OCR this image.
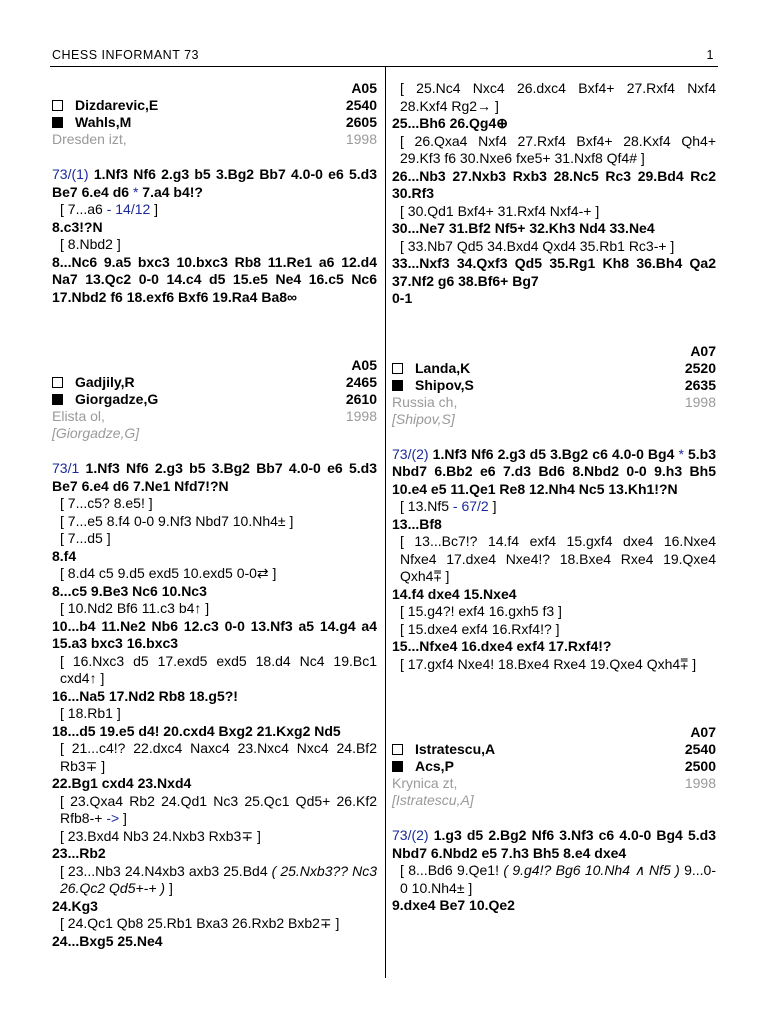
CHESS INFORMANT 73	1
A05
Dizdarevic,E	2540
Wahls,M	2605
Dresden izt,	1998
73/(1) 1.Nf3 Nf6 2.g3 b5 3.Bg2 Bb7 4.0-0 e6 5.d3 Be7 6.e4 d6 * 7.a4 b4!?
[ 7...a6 - 14/12 ]
8.c3!?N
[ 8.Nbd2 ]
8...Nc6 9.a5 bxc3 10.bxc3 Rb8 11.Re1 a6 12.d4 Na7 13.Qc2 0-0 14.c4 d5 15.e5 Ne4 16.c5 Nc6 17.Nbd2 f6 18.exf6 Bxf6 19.Ra4 Ba8∞
A05
Gadjily,R	2465
Giorgadze,G	2610
Elista ol,	1998
[Giorgadze,G]
73/1 1.Nf3 Nf6 2.g3 b5 3.Bg2 Bb7 4.0-0 e6 5.d3 Be7 6.e4 d6 7.Ne1 Nfd7!?N
[ 7...c5? 8.e5! ]
[ 7...e5 8.f4 0-0 9.Nf3 Nbd7 10.Nh4± ]
[ 7...d5 ]
8.f4
[ 8.d4 c5 9.d5 exd5 10.exd5 0-0⇄ ]
8...c5 9.Be3 Nc6 10.Nc3
[ 10.Nd2 Bf6 11.c3 b4↑ ]
10...b4 11.Ne2 Nb6 12.c3 0-0 13.Nf3 a5 14.g4 a4 15.a3 bxc3 16.bxc3
[ 16.Nxc3 d5 17.exd5 exd5 18.d4 Nc4 19.Bc1 cxd4↑ ]
16...Na5 17.Nd2 Rb8 18.g5?!
[ 18.Rb1 ]
18...d5 19.e5 d4! 20.cxd4 Bxg2 21.Kxg2 Nd5
[ 21...c4!? 22.dxc4 Naxc4 23.Nxc4 Nxc4 24.Bf2 Rb3∓ ]
22.Bg1 cxd4 23.Nxd4
[ 23.Qxa4 Rb2 24.Qd1 Nc3 25.Qc1 Qd5+ 26.Kf2 Rfb8-+ -> ]
[ 23.Bxd4 Nb3 24.Nxb3 Rxb3∓ ]
23...Rb2
[ 23...Nb3 24.N4xb3 axb3 25.Bd4 ( 25.Nxb3?? Nc3 26.Qc2 Qd5+-+ ) ]
24.Kg3
[ 24.Qc1 Qb8 25.Rb1 Bxa3 26.Rxb2 Bxb2∓ ]
24...Bxg5 25.Ne4
[ 25.Nc4 Nxc4 26.dxc4 Bxf4+ 27.Rxf4 Nxf4 28.Kxf4 Rg2→ ]
25...Bh6 26.Qg4⊕
[ 26.Qxa4 Nxf4 27.Rxf4 Bxf4+ 28.Kxf4 Qh4+ 29.Kf3 f6 30.Nxe6 fxe5+ 31.Nxf8 Qf4# ]
26...Nb3 27.Nxb3 Rxb3 28.Nc5 Rc3 29.Bd4 Rc2 30.Rf3
[ 30.Qd1 Bxf4+ 31.Rxf4 Nxf4-+ ]
30...Ne7 31.Bf2 Nf5+ 32.Kh3 Nd4 33.Ne4
[ 33.Nb7 Qd5 34.Bxd4 Qxd4 35.Rb1 Rc3-+ ]
33...Nxf3 34.Qxf3 Qd5 35.Rg1 Kh8 36.Bh4 Qa2 37.Nf2 g6 38.Bf6+ Bg7
0-1
A07
Landa,K	2520
Shipov,S	2635
Russia ch,	1998
[Shipov,S]
73/(2) 1.Nf3 Nf6 2.g3 d5 3.Bg2 c6 4.0-0 Bg4 * 5.b3 Nbd7 6.Bb2 e6 7.d3 Bd6 8.Nbd2 0-0 9.h3 Bh5 10.e4 e5 11.Qe1 Re8 12.Nh4 Nc5 13.Kh1!?N
[ 13.Nf5 - 67/2 ]
13...Bf8
[ 13...Bc7!? 14.f4 exf4 15.gxf4 dxe4 16.Nxe4 Nfxe4 17.dxe4 Nxe4!? 18.Bxe4 Rxe4 19.Qxe4 Qxh4⩱ ]
14.f4 dxe4 15.Nxe4
[ 15.g4?! exf4 16.gxh5 f3 ]
[ 15.dxe4 exf4 16.Rxf4!? ]
15...Nfxe4 16.dxe4 exf4 17.Rxf4!?
[ 17.gxf4 Nxe4! 18.Bxe4 Rxe4 19.Qxe4 Qxh4⩱ ]
A07
Istratescu,A	2540
Acs,P	2500
Krynica zt,	1998
[Istratescu,A]
73/(2) 1.g3 d5 2.Bg2 Nf6 3.Nf3 c6 4.0-0 Bg4 5.d3 Nbd7 6.Nbd2 e5 7.h3 Bh5 8.e4 dxe4
[ 8...Bd6 9.Qe1! ( 9.g4!? Bg6 10.Nh4 ∧ Nf5 ) 9...0-0 10.Nh4± ]
9.dxe4 Be7 10.Qe2
